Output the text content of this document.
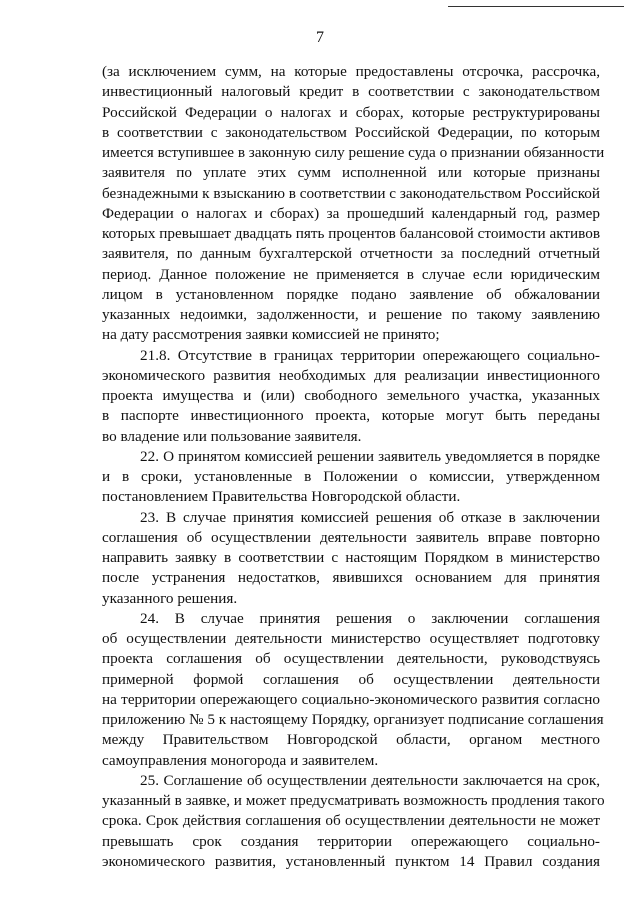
7
(за исключением сумм, на которые предоставлены отсрочка, рассрочка,
инвестиционный налоговый кредит в соответствии с законодательством
Российской Федерации о налогах и сборах, которые реструктурированы
в соответствии с законодательством Российской Федерации, по которым
имеется вступившее в законную силу решение суда о признании обязанности
заявителя по уплате этих сумм исполненной или которые признаны
безнадежными к взысканию в соответствии с законодательством Российской
Федерации о налогах и сборах) за прошедший календарный год, размер
которых превышает двадцать пять процентов балансовой стоимости активов
заявителя, по данным бухгалтерской отчетности за последний отчетный
период. Данное положение не применяется в случае если юридическим
лицом в установленном порядке подано заявление об обжаловании
указанных недоимки, задолженности, и решение по такому заявлению
на дату рассмотрения заявки комиссией не принято;
21.8. Отсутствие в границах территории опережающего социально-
экономического развития необходимых для реализации инвестиционного
проекта имущества и (или) свободного земельного участка, указанных
в паспорте инвестиционного проекта, которые могут быть переданы
во владение или пользование заявителя.
22. О принятом комиссией решении заявитель уведомляется в порядке
и в сроки, установленные в Положении о комиссии, утвержденном
постановлением Правительства Новгородской области.
23. В случае принятия комиссией решения об отказе в заключении
соглашения об осуществлении деятельности заявитель вправе повторно
направить заявку в соответствии с настоящим Порядком в министерство
после устранения недостатков, явившихся основанием для принятия
указанного решения.
24. В случае принятия решения о заключении соглашения
об осуществлении деятельности министерство осуществляет подготовку
проекта соглашения об осуществлении деятельности, руководствуясь
примерной формой соглашения об осуществлении деятельности
на территории опережающего социально-экономического развития согласно
приложению № 5 к настоящему Порядку, организует подписание соглашения
между Правительством Новгородской области, органом местного
самоуправления моногорода и заявителем.
25. Соглашение об осуществлении деятельности заключается на срок,
указанный в заявке, и может предусматривать возможность продления такого
срока. Срок действия соглашения об осуществлении деятельности не может
превышать срок создания территории опережающего социально-
экономического развития, установленный пунктом 14 Правил создания
